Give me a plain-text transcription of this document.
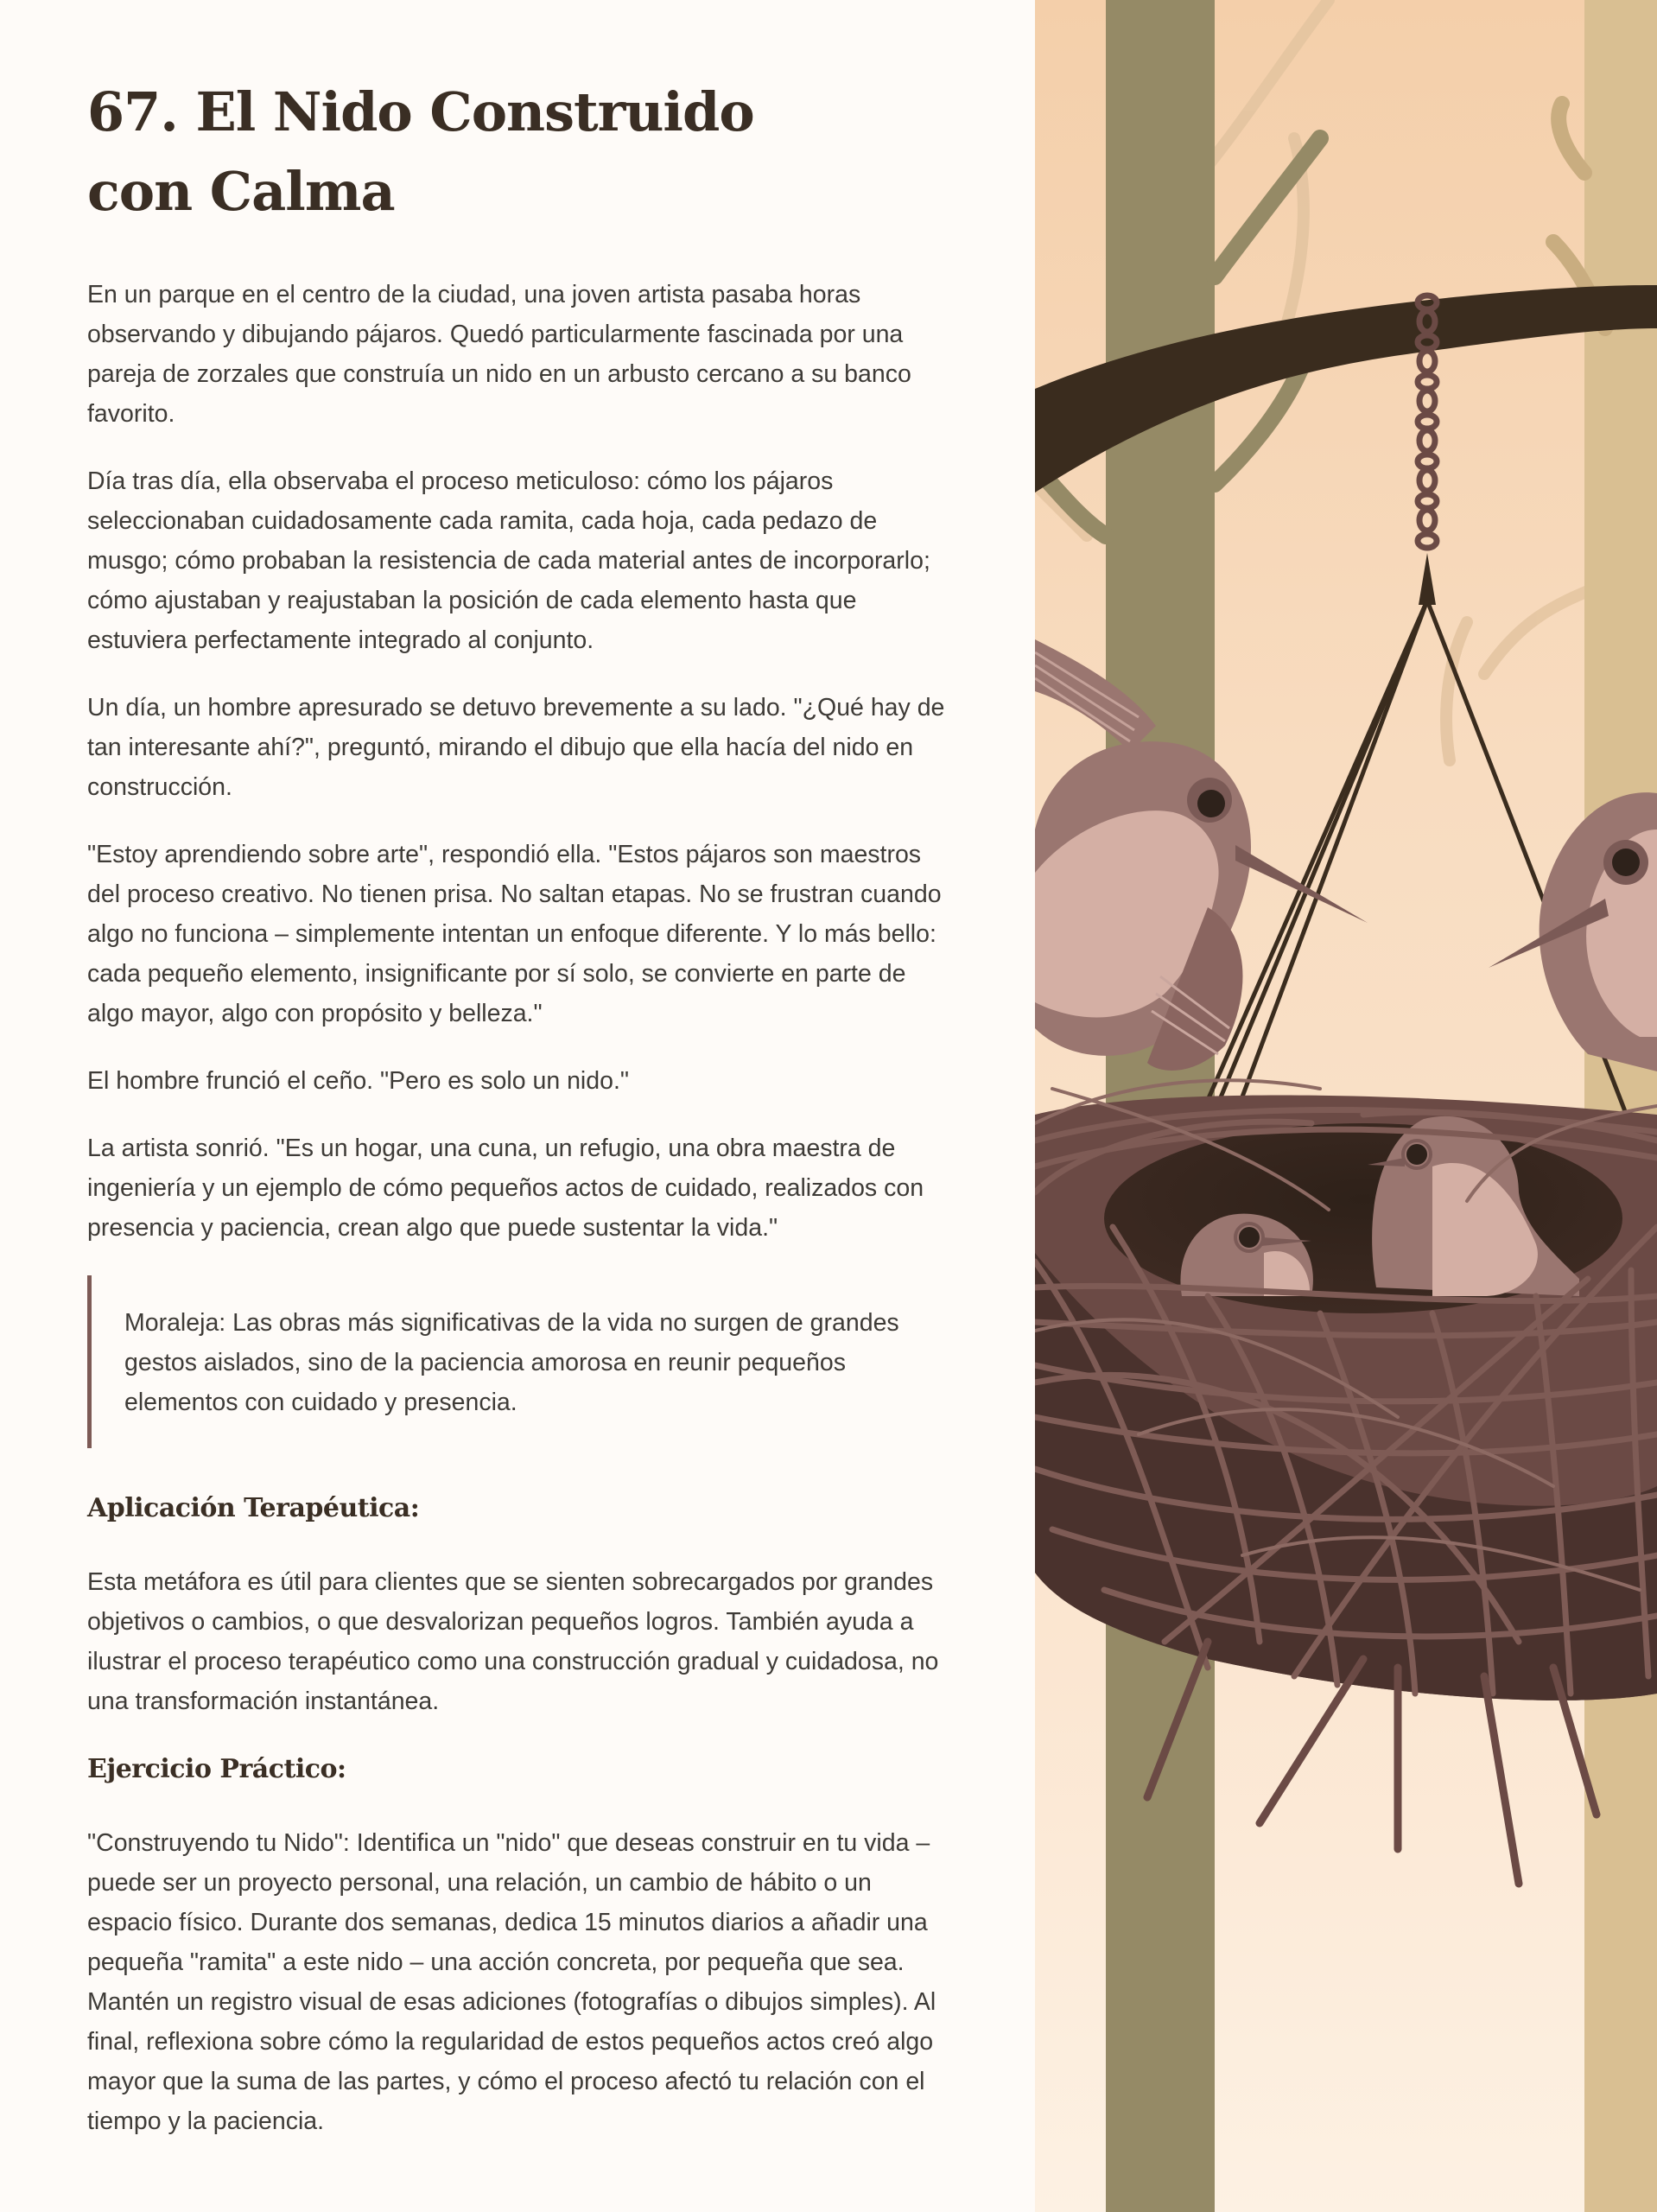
67. El Nido Construido con Calma

En un parque en el centro de la ciudad, una joven artista pasaba horas observando y dibujando pájaros. Quedó particularmente fascinada por una pareja de zorzales que construía un nido en un arbusto cercano a su banco favorito.

Día tras día, ella observaba el proceso meticuloso: cómo los pájaros seleccionaban cuidadosamente cada ramita, cada hoja, cada pedazo de musgo; cómo probaban la resistencia de cada material antes de incorporarlo; cómo ajustaban y reajustaban la posición de cada elemento hasta que estuviera perfectamente integrado al conjunto.

Un día, un hombre apresurado se detuvo brevemente a su lado. "¿Qué hay de tan interesante ahí?", preguntó, mirando el dibujo que ella hacía del nido en construcción.

"Estoy aprendiendo sobre arte", respondió ella. "Estos pájaros son maestros del proceso creativo. No tienen prisa. No saltan etapas. No se frustran cuando algo no funciona – simplemente intentan un enfoque diferente. Y lo más bello: cada pequeño elemento, insignificante por sí solo, se convierte en parte de algo mayor, algo con propósito y belleza."

El hombre frunció el ceño. "Pero es solo un nido."

La artista sonrió. "Es un hogar, una cuna, un refugio, una obra maestra de ingeniería y un ejemplo de cómo pequeños actos de cuidado, realizados con presencia y paciencia, crean algo que puede sustentar la vida."

Moraleja: Las obras más significativas de la vida no surgen de grandes gestos aislados, sino de la paciencia amorosa en reunir pequeños elementos con cuidado y presencia.

Aplicación Terapéutica:

Esta metáfora es útil para clientes que se sienten sobrecargados por grandes objetivos o cambios, o que desvalorizan pequeños logros. También ayuda a ilustrar el proceso terapéutico como una construcción gradual y cuidadosa, no una transformación instantánea.

Ejercicio Práctico:

"Construyendo tu Nido": Identifica un "nido" que deseas construir en tu vida – puede ser un proyecto personal, una relación, un cambio de hábito o un espacio físico. Durante dos semanas, dedica 15 minutos diarios a añadir una pequeña "ramita" a este nido – una acción concreta, por pequeña que sea. Mantén un registro visual de esas adiciones (fotografías o dibujos simples). Al final, reflexiona sobre cómo la regularidad de estos pequeños actos creó algo mayor que la suma de las partes, y cómo el proceso afectó tu relación con el tiempo y la paciencia.
